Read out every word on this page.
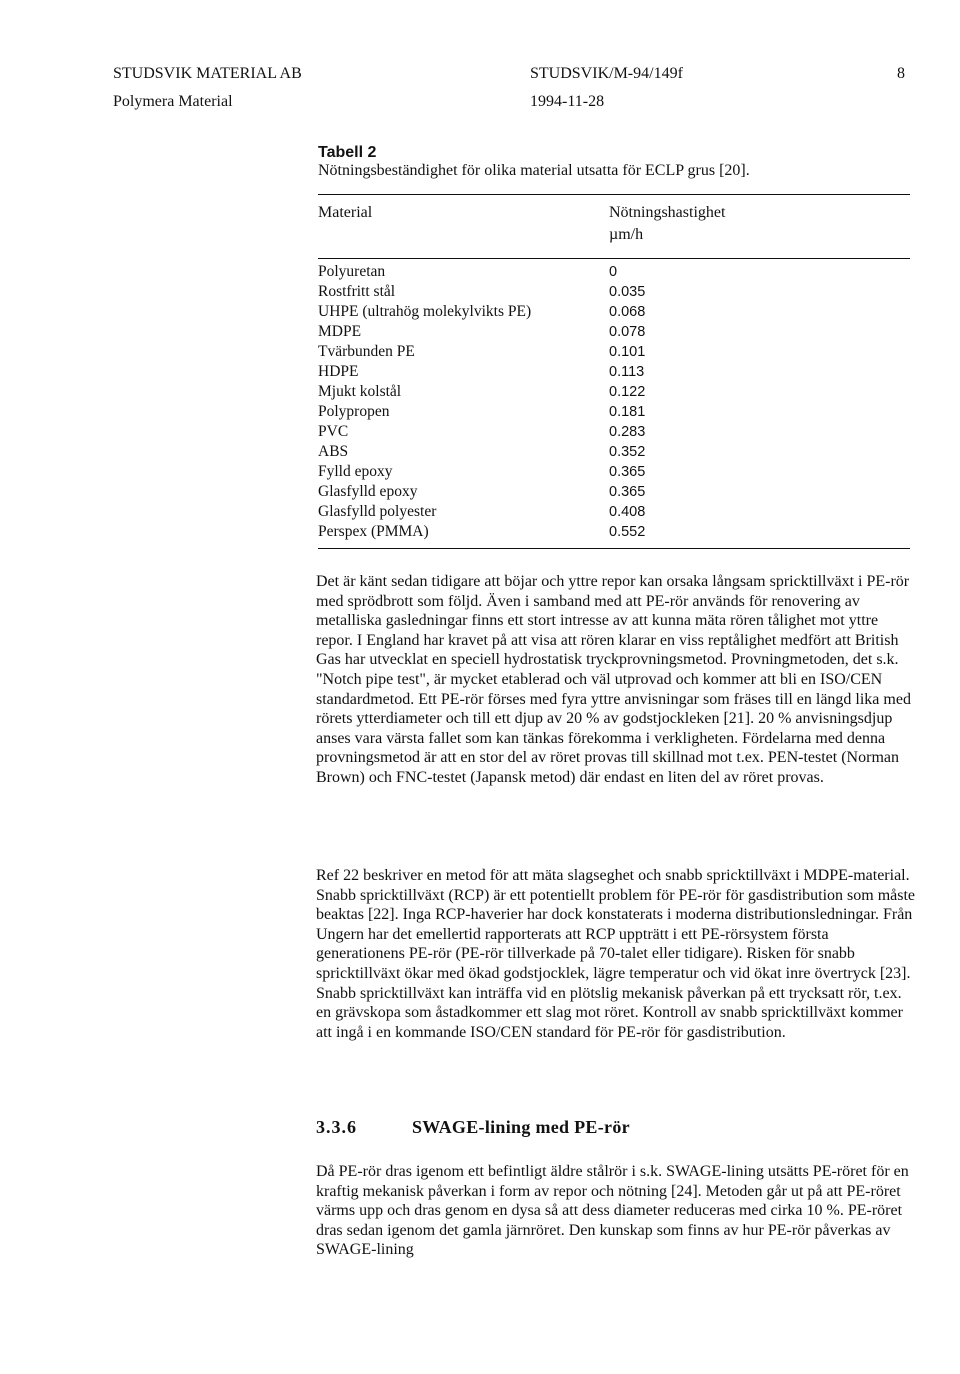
STUDSVIK MATERIAL AB
Polymera Material
STUDSVIK/M-94/149f
1994-11-28
8
Tabell 2
Nötningsbeständighet för olika material utsatta för ECLP grus [20].
Material	Nötningshastighet
µm/h
Polyuretan	0
Rostfritt stål	0.035
UHPE (ultrahög molekylvikts PE)	0.068
MDPE	0.078
Tvärbunden PE	0.101
HDPE	0.113
Mjukt kolstål	0.122
Polypropen	0.181
PVC	0.283
ABS	0.352
Fylld epoxy	0.365
Glasfylld epoxy	0.365
Glasfylld polyester	0.408
Perspex (PMMA)	0.552

Det är känt sedan tidigare att böjar och yttre repor kan orsaka långsam spricktillväxt i PE-rör med sprödbrott som följd. Även i samband med att PE-rör används för renovering av metalliska gasledningar finns ett stort intresse av att kunna mäta rören tålighet mot yttre repor. I England har kravet på att visa att rören klarar en viss reptålighet medfört att British Gas har utvecklat en speciell hydrostatisk tryckprovningsmetod. Provningmetoden, det s.k. "Notch pipe test", är mycket etablerad och väl utprovad och kommer att bli en ISO/CEN standardmetod. Ett PE-rör förses med fyra yttre anvisningar som fräses till en längd lika med rörets ytterdiameter och till ett djup av 20 % av godstjockleken [21]. 20 % anvisningsdjup anses vara värsta fallet som kan tänkas förekomma i verkligheten. Fördelarna med denna provningsmetod är att en stor del av röret provas till skillnad mot t.ex. PEN-testet (Norman Brown) och FNC-testet (Japansk metod) där endast en liten del av röret provas.

Ref 22 beskriver en metod för att mäta slagseghet och snabb spricktillväxt i MDPE-material. Snabb spricktillväxt (RCP) är ett potentiellt problem för PE-rör för gasdistribution som måste beaktas [22]. Inga RCP-haverier har dock konstaterats i moderna distributionsledningar. Från Ungern har det emellertid rapporterats att RCP uppträtt i ett PE-rörsystem första generationens PE-rör (PE-rör tillverkade på 70-talet eller tidigare). Risken för snabb spricktillväxt ökar med ökad godstjocklek, lägre temperatur och vid ökat inre övertryck [23]. Snabb spricktillväxt kan inträffa vid en plötslig mekanisk påverkan på ett trycksatt rör, t.ex. en grävskopa som åstadkommer ett slag mot röret. Kontroll av snabb spricktillväxt kommer att ingå i en kommande ISO/CEN standard för PE-rör för gasdistribution.

3.3.6	SWAGE-lining med PE-rör

Då PE-rör dras igenom ett befintligt äldre stålrör i s.k. SWAGE-lining utsätts PE-röret för en kraftig mekanisk påverkan i form av repor och nötning [24]. Metoden går ut på att PE-röret värms upp och dras genom en dysa så att dess diameter reduceras med cirka 10 %. PE-röret dras sedan igenom det gamla järnröret. Den kunskap som finns av hur PE-rör påverkas av SWAGE-lining
